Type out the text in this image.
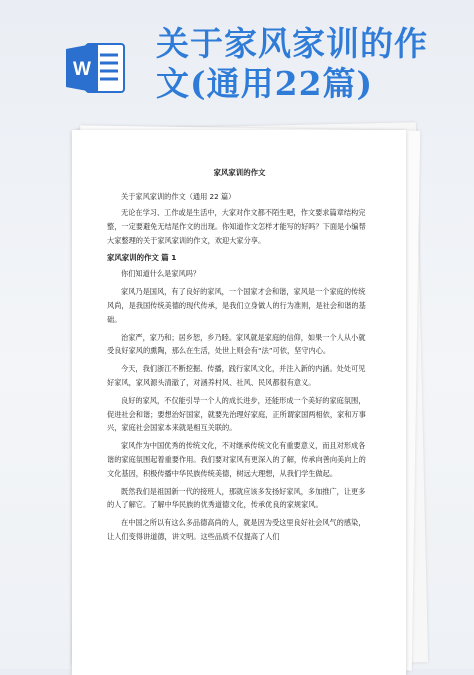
W
关于家风家训的作
文(通用22篇)
家风家训的作文

关于家风家训的作文（通用 22 篇）

无论在学习、工作或是生活中，大家对作文都不陌生吧，作文要求篇章结构完整，一定要避免无结尾作文的出现。你知道作文怎样才能写的好吗？下面是小编帮大家整理的关于家风家训的作文，欢迎大家分享。

家风家训的作文 篇 1

你们知道什么是家风吗？

家风乃是国风，有了良好的家风，一个国家才会和谐，家风是一个家庭的传统风尚，是我国传统美德的现代传承，是我们立身做人的行为准则，是社会和谐的基础。

治家严，家乃和；居乡恕，乡乃睦。家风就是家庭的信仰，如果一个人从小就受良好家风的熏陶，那么在生活，处世上则会有“法”可依，坚守内心。

今天，我们浙江不断挖掘、传播，践行家风文化，并注入新的内涵。处处可见好家风，家风源头清澈了，对涵养村风、社风、民风都很有意义。

良好的家风，不仅能引导一个人的成长进步，还能形成一个美好的家庭氛围，促进社会和谐；要想治好国家，就要先治理好家庭，正所谓家国两相依，家和万事兴，家庭社会国家本来就是相互关联的。

家风作为中国优秀的传统文化，不对继承传统文化有重要意义，而且对形成各谐的家庭氛围起着重要作用。我们要对家风有更深入的了解，传承向善向美向上的文化基因，积极传播中华民族传统美德，树远大理想，从我们学生做起。

既然我们是祖国新一代的接班人，那就应该多发扬好家风，多加推广，让更多的人了解它。了解中华民族的优秀道德文化，传承优良的家规家风。

在中国之所以有这么多品德高尚的人，就是因为受这里良好社会风气的感染，让人们变得讲道德，讲文明。这些品质不仅提高了人们
